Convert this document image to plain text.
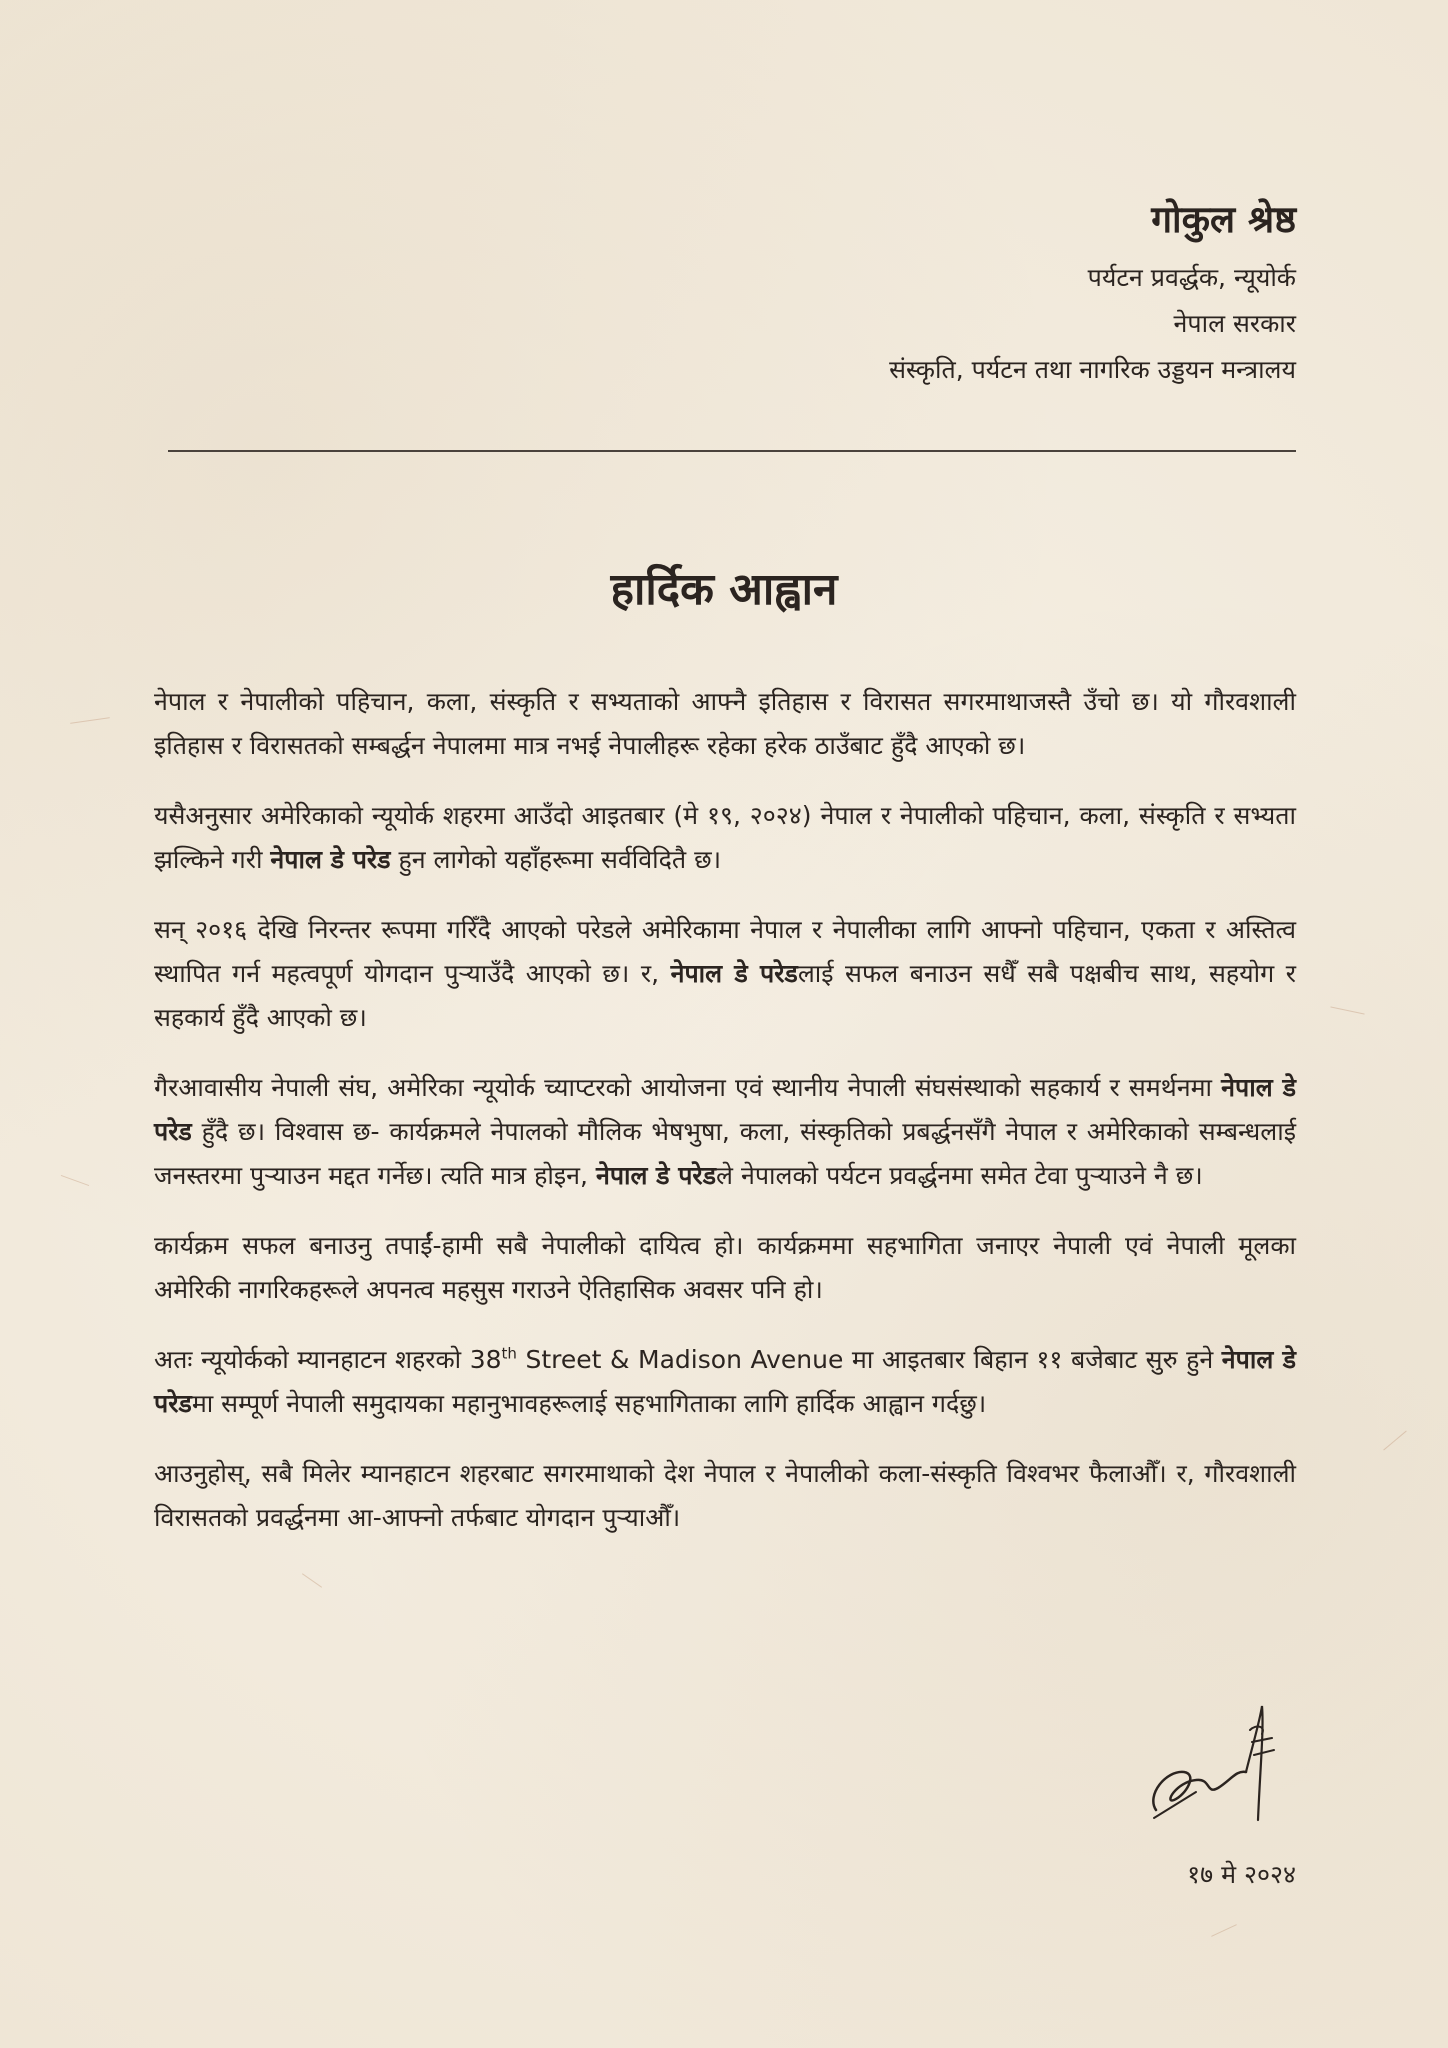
गोकुल श्रेष्ठ

पर्यटन प्रवर्द्धक, न्यूयोर्क

नेपाल सरकार

संस्कृति, पर्यटन तथा नागरिक उड्डयन मन्त्रालय

हार्दिक आह्वान

नेपाल र नेपालीको पहिचान, कला, संस्कृति र सभ्यताको आफ्नै इतिहास र विरासत सगरमाथाजस्तै उँचो छ। यो गौरवशाली इतिहास र विरासतको सम्बर्द्धन नेपालमा मात्र नभई नेपालीहरू रहेका हरेक ठाउँबाट हुँदै आएको छ।

यसैअनुसार अमेरिकाको न्यूयोर्क शहरमा आउँदो आइतबार (मे १९, २०२४) नेपाल र नेपालीको पहिचान, कला, संस्कृति र सभ्यता झल्किने गरी नेपाल डे परेड हुन लागेको यहाँहरूमा सर्वविदितै छ।

सन् २०१६ देखि निरन्तर रूपमा गरिँदै आएको परेडले अमेरिकामा नेपाल र नेपालीका लागि आफ्नो पहिचान, एकता र अस्तित्व स्थापित गर्न महत्वपूर्ण योगदान पुऱ्याउँदै आएको छ। र, नेपाल डे परेडलाई सफल बनाउन सधैँ सबै पक्षबीच साथ, सहयोग र सहकार्य हुँदै आएको छ।

गैरआवासीय नेपाली संघ, अमेरिका न्यूयोर्क च्याप्टरको आयोजना एवं स्थानीय नेपाली संघसंस्थाको सहकार्य र समर्थनमा नेपाल डे परेड हुँदै छ। विश्वास छ- कार्यक्रमले नेपालको मौलिक भेषभुषा, कला, संस्कृतिको प्रबर्द्धनसँगै नेपाल र अमेरिकाको सम्बन्धलाई जनस्तरमा पुऱ्याउन मद्दत गर्नेछ। त्यति मात्र होइन, नेपाल डे परेडले नेपालको पर्यटन प्रवर्द्धनमा समेत टेवा पुऱ्याउने नै छ।

कार्यक्रम सफल बनाउनु तपाईं-हामी सबै नेपालीको दायित्व हो। कार्यक्रममा सहभागिता जनाएर नेपाली एवं नेपाली मूलका अमेरिकी नागरिकहरूले अपनत्व महसुस गराउने ऐतिहासिक अवसर पनि हो।

अतः न्यूयोर्कको म्यानहाटन शहरको 38th Street & Madison Avenue मा आइतबार बिहान ११ बजेबाट सुरु हुने नेपाल डे परेडमा सम्पूर्ण नेपाली समुदायका महानुभावहरूलाई सहभागिताका लागि हार्दिक आह्वान गर्दछु।

आउनुहोस्, सबै मिलेर म्यानहाटन शहरबाट सगरमाथाको देश नेपाल र नेपालीको कला-संस्कृति विश्वभर फैलाऔँ। र, गौरवशाली विरासतको प्रवर्द्धनमा आ-आफ्नो तर्फबाट योगदान पुऱ्याऔँ।

१७ मे २०२४
